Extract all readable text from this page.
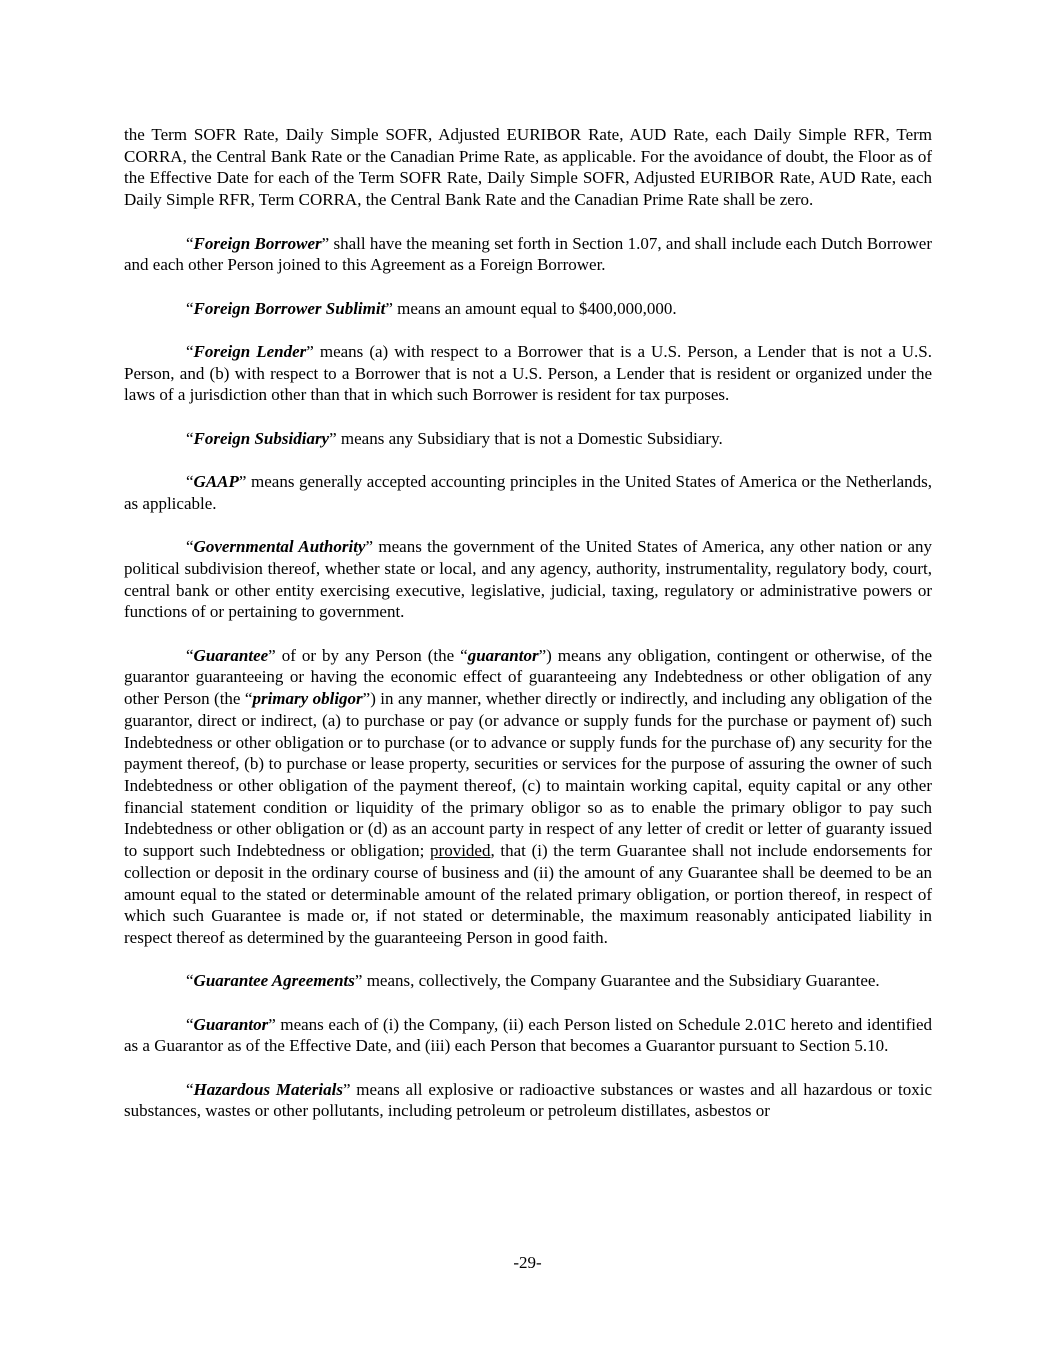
the Term SOFR Rate, Daily Simple SOFR, Adjusted EURIBOR Rate, AUD Rate, each Daily Simple RFR, Term CORRA, the Central Bank Rate or the Canadian Prime Rate, as applicable. For the avoidance of doubt, the Floor as of the Effective Date for each of the Term SOFR Rate, Daily Simple SOFR, Adjusted EURIBOR Rate, AUD Rate, each Daily Simple RFR, Term CORRA, the Central Bank Rate and the Canadian Prime Rate shall be zero.

“Foreign Borrower” shall have the meaning set forth in Section 1.07, and shall include each Dutch Borrower and each other Person joined to this Agreement as a Foreign Borrower.

“Foreign Borrower Sublimit” means an amount equal to $400,000,000.

“Foreign Lender” means (a) with respect to a Borrower that is a U.S. Person, a Lender that is not a U.S. Person, and (b) with respect to a Borrower that is not a U.S. Person, a Lender that is resident or organized under the laws of a jurisdiction other than that in which such Borrower is resident for tax purposes.

“Foreign Subsidiary” means any Subsidiary that is not a Domestic Subsidiary.

“GAAP” means generally accepted accounting principles in the United States of America or the Netherlands, as applicable.

“Governmental Authority” means the government of the United States of America, any other nation or any political subdivision thereof, whether state or local, and any agency, authority, instrumentality, regulatory body, court, central bank or other entity exercising executive, legislative, judicial, taxing, regulatory or administrative powers or functions of or pertaining to government.

“Guarantee” of or by any Person (the “guarantor”) means any obligation, contingent or otherwise, of the guarantor guaranteeing or having the economic effect of guaranteeing any Indebtedness or other obligation of any other Person (the “primary obligor”) in any manner, whether directly or indirectly, and including any obligation of the guarantor, direct or indirect, (a) to purchase or pay (or advance or supply funds for the purchase or payment of) such Indebtedness or other obligation or to purchase (or to advance or supply funds for the purchase of) any security for the payment thereof, (b) to purchase or lease property, securities or services for the purpose of assuring the owner of such Indebtedness or other obligation of the payment thereof, (c) to maintain working capital, equity capital or any other financial statement condition or liquidity of the primary obligor so as to enable the primary obligor to pay such Indebtedness or other obligation or (d) as an account party in respect of any letter of credit or letter of guaranty issued to support such Indebtedness or obligation; provided, that (i) the term Guarantee shall not include endorsements for collection or deposit in the ordinary course of business and (ii) the amount of any Guarantee shall be deemed to be an amount equal to the stated or determinable amount of the related primary obligation, or portion thereof, in respect of which such Guarantee is made or, if not stated or determinable, the maximum reasonably anticipated liability in respect thereof as determined by the guaranteeing Person in good faith.

“Guarantee Agreements” means, collectively, the Company Guarantee and the Subsidiary Guarantee.

“Guarantor” means each of (i) the Company, (ii) each Person listed on Schedule 2.01C hereto and identified as a Guarantor as of the Effective Date, and (iii) each Person that becomes a Guarantor pursuant to Section 5.10.

“Hazardous Materials” means all explosive or radioactive substances or wastes and all hazardous or toxic substances, wastes or other pollutants, including petroleum or petroleum distillates, asbestos or

-29-
